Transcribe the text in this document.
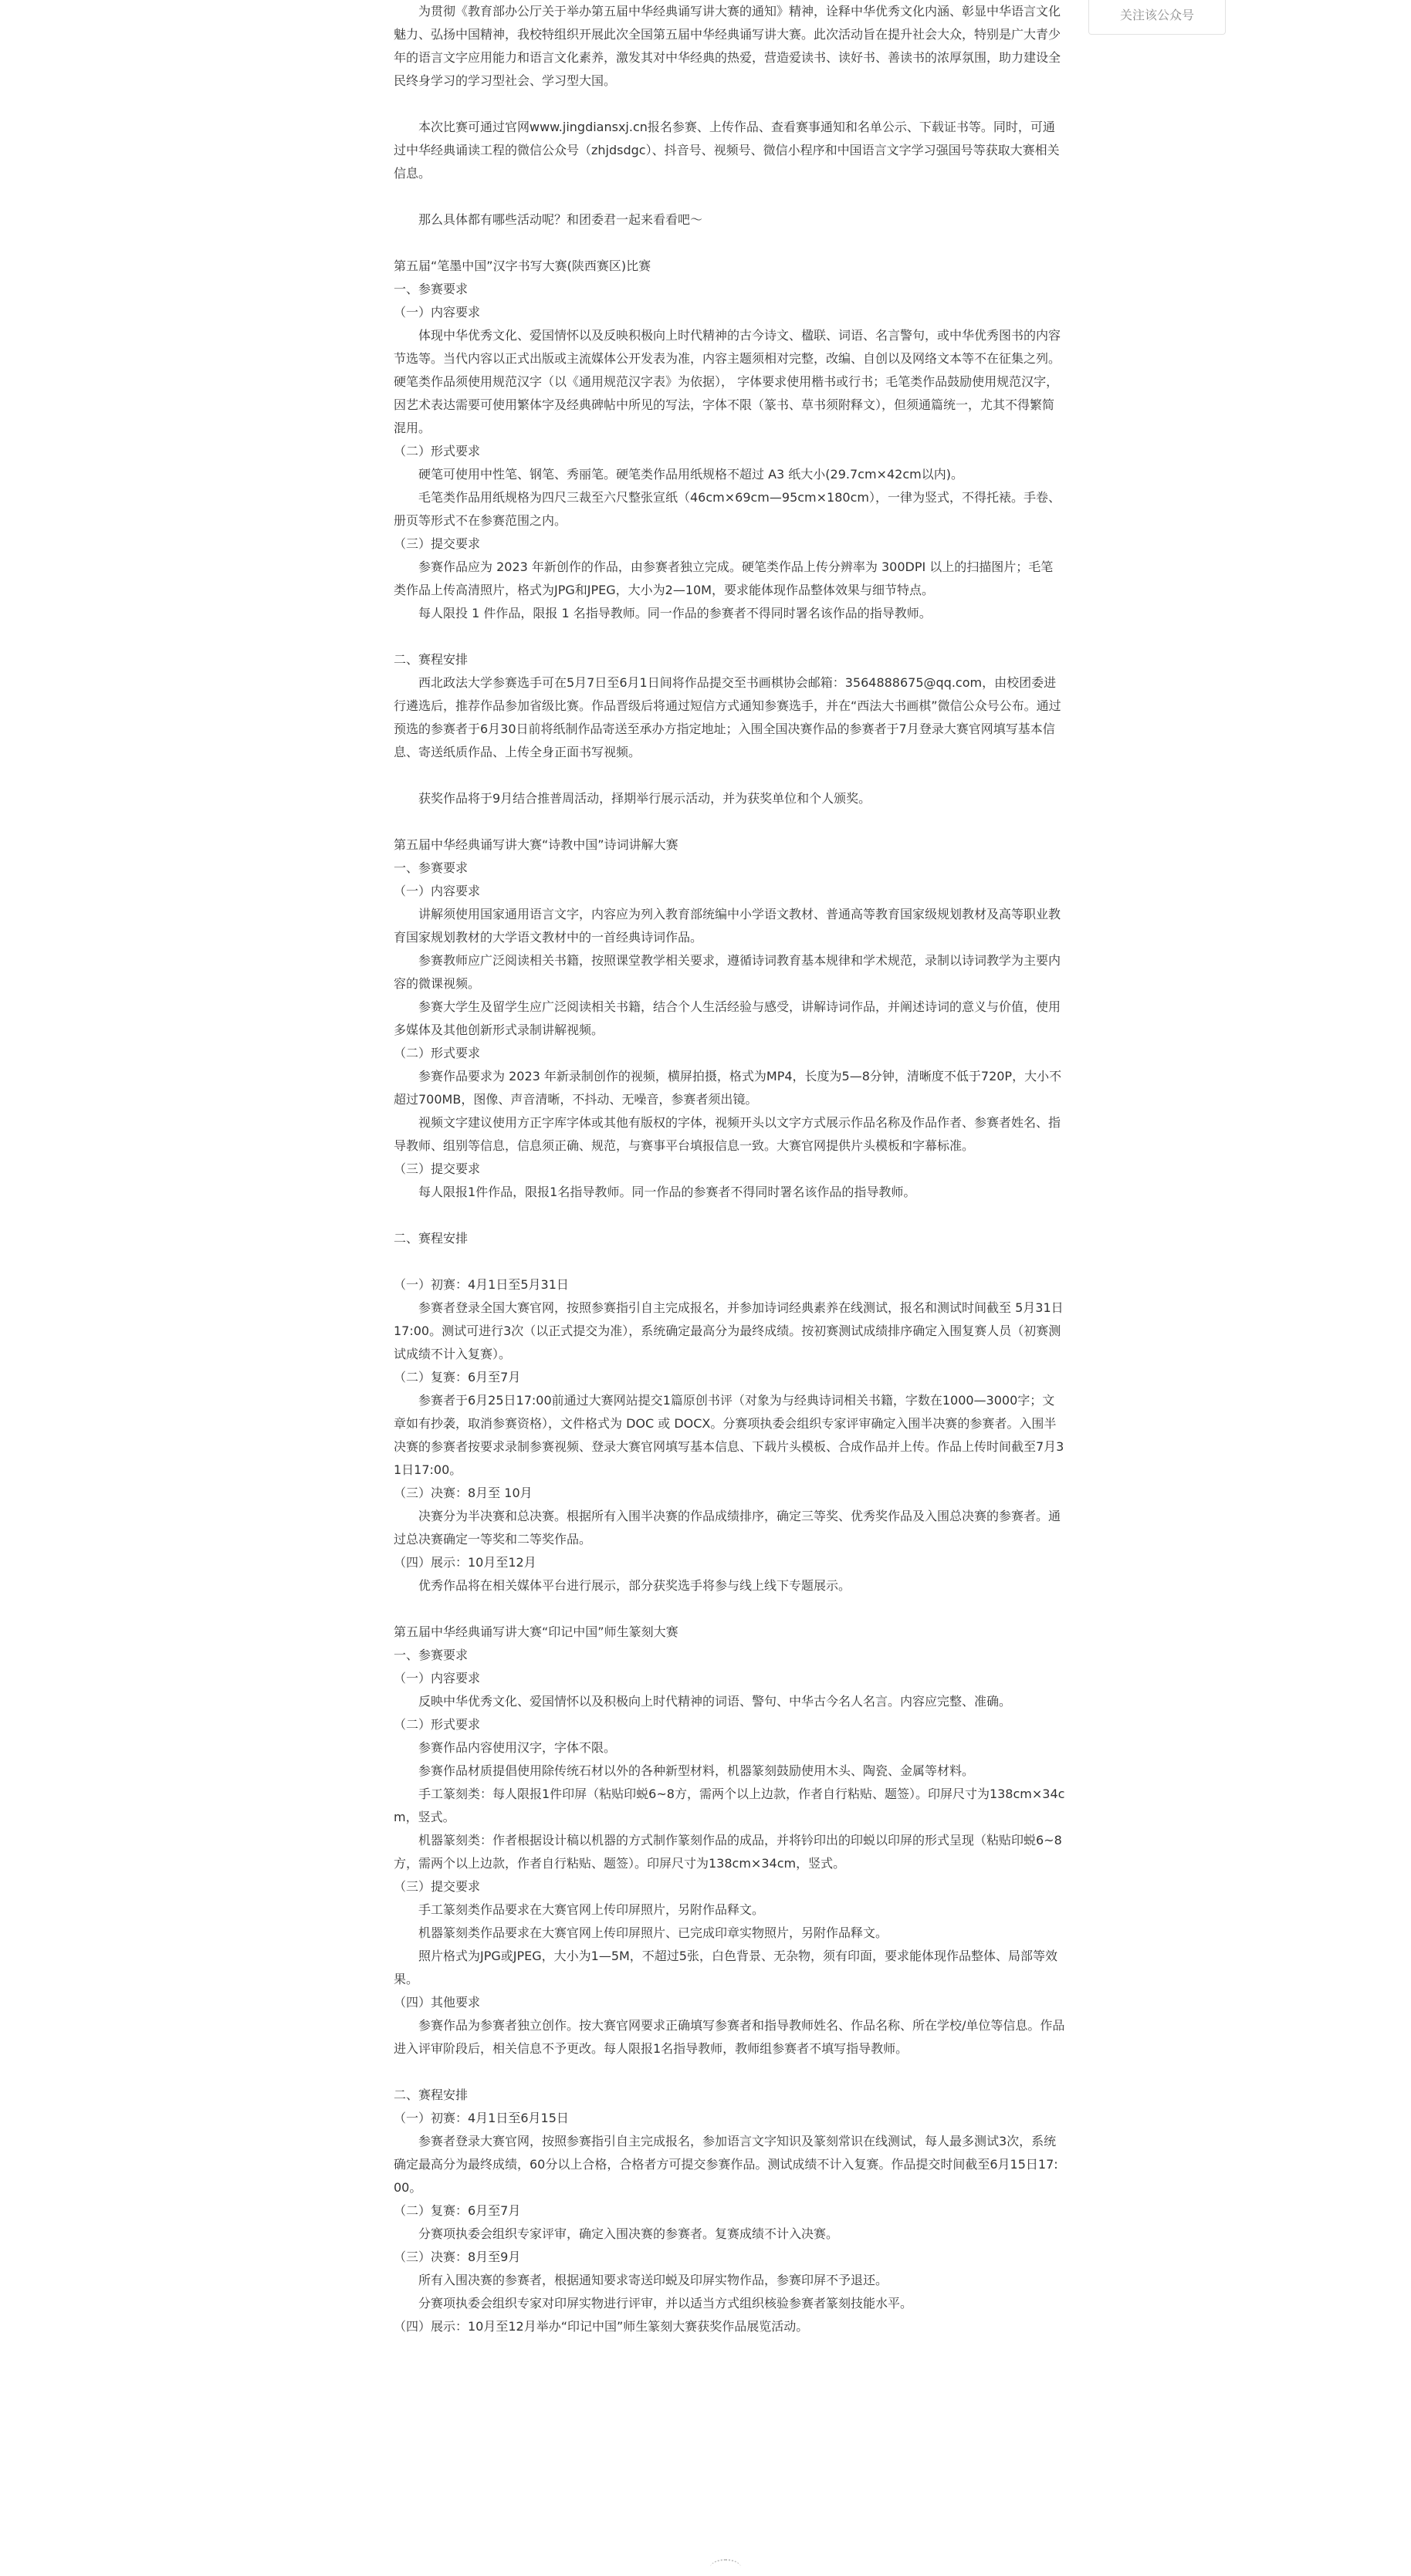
为贯彻《教育部办公厅关于举办第五届中华经典诵写讲大赛的通知》精神，诠释中华优秀文化内涵、彰显中华语言文化魅力、弘扬中国精神，我校特组织开展此次全国第五届中华经典诵写讲大赛。此次活动旨在提升社会大众，特别是广大青少年的语言文字应用能力和语言文化素养，激发其对中华经典的热爱，营造爱读书、读好书、善读书的浓厚氛围，助力建设全民终身学习的学习型社会、学习型大国。

本次比赛可通过官网www.jingdiansxj.cn报名参赛、上传作品、查看赛事通知和名单公示、下载证书等。同时，可通过中华经典诵读工程的微信公众号（zhjdsdgc）、抖音号、视频号、微信小程序和中国语言文字学习强国号等获取大赛相关信息。

那么具体都有哪些活动呢？和团委君一起来看看吧～

第五届“笔墨中国”汉字书写大赛(陕西赛区)比赛

一、参赛要求

（一）内容要求

体现中华优秀文化、爱国情怀以及反映积极向上时代精神的古今诗文、楹联、词语、名言警句，或中华优秀图书的内容节选等。当代内容以正式出版或主流媒体公开发表为准，内容主题须相对完整，改编、自创以及网络文本等不在征集之列。

硬笔类作品须使用规范汉字（以《通用规范汉字表》为依据）， 字体要求使用楷书或行书；毛笔类作品鼓励使用规范汉字，因艺术表达需要可使用繁体字及经典碑帖中所见的写法，字体不限（篆书、草书须附释文），但须通篇统一，尤其不得繁简混用。

（二）形式要求

硬笔可使用中性笔、钢笔、秀丽笔。硬笔类作品用纸规格不超过 A3 纸大小(29.7cm×42cm以内)。

毛笔类作品用纸规格为四尺三裁至六尺整张宣纸（46cm×69cm—95cm×180cm），一律为竖式，不得托裱。手卷、 册页等形式不在参赛范围之内。

（三）提交要求

参赛作品应为 2023 年新创作的作品，由参赛者独立完成。硬笔类作品上传分辨率为 300DPI 以上的扫描图片；毛笔类作品上传高清照片，格式为JPG和JPEG，大小为2—10M，要求能体现作品整体效果与细节特点。

每人限投 1 件作品，限报 1 名指导教师。同一作品的参赛者不得同时署名该作品的指导教师。

二、赛程安排

西北政法大学参赛选手可在5月7日至6月1日间将作品提交至书画棋协会邮箱：3564888675@qq.com，由校团委进行遴选后，推荐作品参加省级比赛。作品晋级后将通过短信方式通知参赛选手，并在“西法大书画棋”微信公众号公布。通过预选的参赛者于6月30日前将纸制作品寄送至承办方指定地址；入围全国决赛作品的参赛者于7月登录大赛官网填写基本信息、寄送纸质作品、上传全身正面书写视频。

获奖作品将于9月结合推普周活动，择期举行展示活动，并为获奖单位和个人颁奖。

第五届中华经典诵写讲大赛“诗教中国”诗词讲解大赛

一、参赛要求

（一）内容要求

讲解须使用国家通用语言文字，内容应为列入教育部统编中小学语文教材、普通高等教育国家级规划教材及高等职业教育国家规划教材的大学语文教材中的一首经典诗词作品。

参赛教师应广泛阅读相关书籍，按照课堂教学相关要求，遵循诗词教育基本规律和学术规范，录制以诗词教学为主要内容的微课视频。

参赛大学生及留学生应广泛阅读相关书籍，结合个人生活经验与感受，讲解诗词作品，并阐述诗词的意义与价值，使用多媒体及其他创新形式录制讲解视频。

（二）形式要求

参赛作品要求为 2023 年新录制创作的视频，横屏拍摄，格式为MP4，长度为5—8分钟，清晰度不低于720P，大小不超过700MB，图像、声音清晰，不抖动、无噪音，参赛者须出镜。

视频文字建议使用方正字库字体或其他有版权的字体，视频开头以文字方式展示作品名称及作品作者、参赛者姓名、指导教师、组别等信息，信息须正确、规范，与赛事平台填报信息一致。大赛官网提供片头模板和字幕标准。

（三）提交要求

每人限报1件作品，限报1名指导教师。同一作品的参赛者不得同时署名该作品的指导教师。

二、赛程安排

（一）初赛：4月1日至5月31日

参赛者登录全国大赛官网，按照参赛指引自主完成报名，并参加诗词经典素养在线测试，报名和测试时间截至 5月31日 17:00。测试可进行3次（以正式提交为准），系统确定最高分为最终成绩。按初赛测试成绩排序确定入围复赛人员（初赛测试成绩不计入复赛）。

（二）复赛：6月至7月

参赛者于6月25日17:00前通过大赛网站提交1篇原创书评（对象为与经典诗词相关书籍，字数在1000—3000字；文章如有抄袭，取消参赛资格），文件格式为 DOC 或 DOCX。分赛项执委会组织专家评审确定入围半决赛的参赛者。入围半决赛的参赛者按要求录制参赛视频、登录大赛官网填写基本信息、下载片头模板、合成作品并上传。作品上传时间截至7月31日17:00。

（三）决赛：8月至 10月

决赛分为半决赛和总决赛。根据所有入围半决赛的作品成绩排序，确定三等奖、优秀奖作品及入围总决赛的参赛者。通过总决赛确定一等奖和二等奖作品。

（四）展示：10月至12月

优秀作品将在相关媒体平台进行展示，部分获奖选手将参与线上线下专题展示。

第五届中华经典诵写讲大赛“印记中国”师生篆刻大赛

一、参赛要求

（一）内容要求

反映中华优秀文化、爱国情怀以及积极向上时代精神的词语、警句、中华古今名人名言。内容应完整、准确。

（二）形式要求

参赛作品内容使用汉字，字体不限。

参赛作品材质提倡使用除传统石材以外的各种新型材料，机器篆刻鼓励使用木头、陶瓷、金属等材料。

手工篆刻类：每人限报1件印屏（粘贴印蜕6~8方，需两个以上边款，作者自行粘贴、题签）。印屏尺寸为138cm×34cm，竖式。

机器篆刻类：作者根据设计稿以机器的方式制作篆刻作品的成品，并将钤印出的印蜕以印屏的形式呈现（粘贴印蜕6~8方，需两个以上边款，作者自行粘贴、题签）。印屏尺寸为138cm×34cm，竖式。

（三）提交要求

手工篆刻类作品要求在大赛官网上传印屏照片，另附作品释文。

机器篆刻类作品要求在大赛官网上传印屏照片、已完成印章实物照片，另附作品释文。

照片格式为JPG或JPEG，大小为1—5M，不超过5张，白色背景、无杂物，须有印面，要求能体现作品整体、局部等效果。

（四）其他要求

参赛作品为参赛者独立创作。按大赛官网要求正确填写参赛者和指导教师姓名、作品名称、所在学校/单位等信息。作品进入评审阶段后，相关信息不予更改。每人限报1名指导教师，教师组参赛者不填写指导教师。

二、赛程安排

（一）初赛：4月1日至6月15日

参赛者登录大赛官网，按照参赛指引自主完成报名，参加语言文字知识及篆刻常识在线测试，每人最多测试3次，系统确定最高分为最终成绩，60分以上合格，合格者方可提交参赛作品。测试成绩不计入复赛。作品提交时间截至6月15日17:00。

（二）复赛：6月至7月

分赛项执委会组织专家评审，确定入围决赛的参赛者。复赛成绩不计入决赛。

（三）决赛：8月至9月

所有入围决赛的参赛者，根据通知要求寄送印蜕及印屏实物作品，参赛印屏不予退还。

分赛项执委会组织专家对印屏实物进行评审，并以适当方式组织核验参赛者篆刻技能水平。

（四）展示：10月至12月举办“印记中国”师生篆刻大赛获奖作品展览活动。

关注该公众号
